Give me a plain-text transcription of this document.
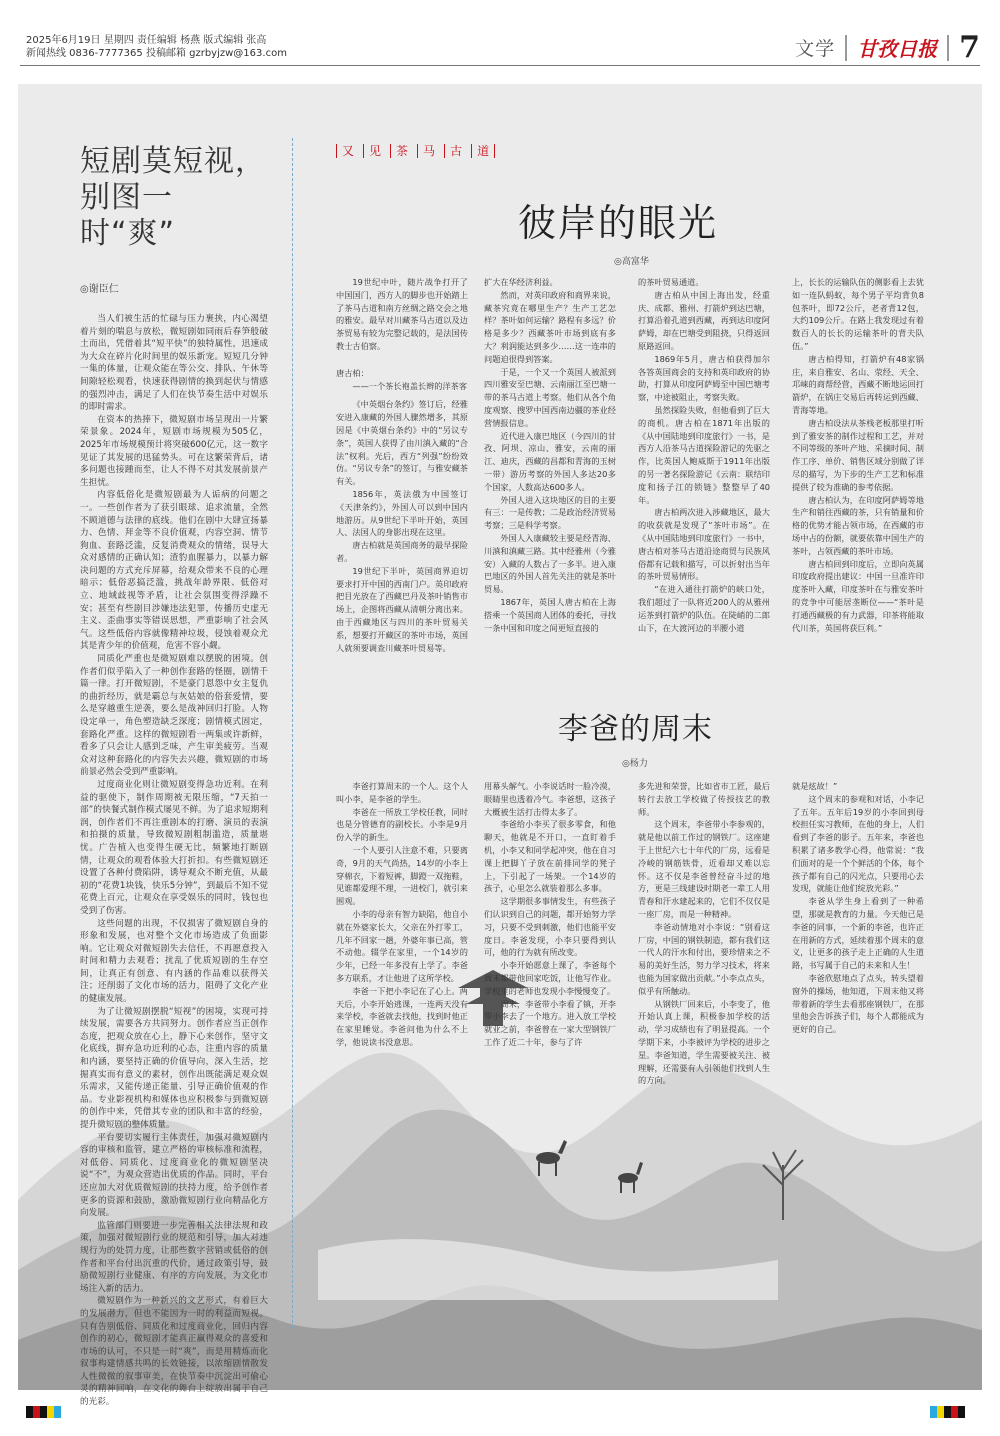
2025年6月19日 星期四 责任编辑 杨燕 版式编辑 张高
新闻热线 0836-7777365 投稿邮箱 gzrbyjzw@163.com	文学 甘孜日报 7
短剧莫短视，
别图一时“爽”
◎谢臣仁

当人们被生活的忙碌与压力裹挟，内心渴望着片刻的喘息与放松，微短剧如同雨后春笋般破土而出，凭借着其“短平快”的独特属性，迅速成为大众在碎片化时间里的娱乐新宠。短短几分钟一集的体量，让观众能在等公交、排队、午休等间隙轻松观看，快速获得剧情的换到起伏与情感的强烈冲击，满足了人们在快节奏生活中对娱乐的即时需求。

在资本的热捧下，微短剧市场呈现出一片繁荣景象。2024年，短剧市场规模为505亿，2025年市场规模预计将突破600亿元，这一数字见证了其发展的迅猛势头。可在这繁荣背后，诸多问题也接踵而至，让人不得不对其发展前景产生担忧。

内容低俗化是微短剧最为人诟病的问题之一。一些创作者为了获引眼球、追求流量，全然不顾道德与法律的底线。他们在剧中大肆宣扬暴力、色情、拜金等不良价值观，内容空洞、情节狗血、套路泛滥，反复消费观众的情绪，误导大众对感情的正确认知；渣豹血腥暴力，以暴力解决问题的方式充斥屏幕，给观众带来不良的心理暗示；低俗恶搞泛滥，挑战年龄界限、低俗对立、地域歧视等矛盾，让社会氛围变得浮躁不安；甚至有些剧目涉嫌违法犯罪，传播历史虚无主义、歪曲事实等错误思想，严重影响了社会风气。这些低俗内容就像精神垃圾，侵蚀着观众尤其是青少年的价值观，危害不容小觑。

同质化严重也是微短剧难以摆脱的困境。创作者们似乎陷入了一种创作套路的怪圈，剧情千篇一律。打开微短剧，不是豪门恩怨中女主复仇的曲折经历，就是霸总与灰姑娘的俗套爱情，要么是穿越重生逆袭，要么是战神回归打脸。人物设定单一，角色塑造缺乏深度；剧情模式固定，套路化严重。这样的微短剧看一两集或许新鲜，看多了只会让人感到乏味，产生审美疲劳。当观众对这种套路化的内容失去兴趣，微短剧的市场前景必然会受到严重影响。

过度商业化则让微短剧变得急功近利。在利益的驱使下，制作周期被无限压缩，“7天拍一部”的快餐式制作模式屡见不鲜。为了追求短期利润，创作者们不再注重剧本的打磨、演员的表演和拍摄的质量，导致微短剧粗制滥造，质量堪忧。广告植入也变得生硬无比，频繁地打断剧情，让观众的观看体验大打折扣。有些微短剧还设置了各种付费陷阱，诱导观众不断充值，从最初的“花费1块钱，快乐5分钟”，到最后不知不觉花费上百元，让观众在享受娱乐的同时，钱包也受到了伤害。

这些问题的出现，不仅损害了微短剧自身的形象和发展，也对整个文化市场造成了负面影响。它让观众对微短剧失去信任，不再愿意投入时间和精力去观看；扰乱了优质短剧的生存空间，让真正有创意、有内涵的作品难以获得关注；还削弱了文化市场的活力，阻碍了文化产业的健康发展。

为了让微短剧摆脱“短视”的困境，实现可持续发展，需要各方共同努力。创作者应当正创作态度，把观众放在心上，静下心来创作，坚守文化底线，摒弃急功近利的心态，注重内容的质量和内涵，要坚持正确的价值导向，深入生活，挖掘真实而有意义的素材，创作出既能满足观众娱乐需求，又能传递正能量、引导正确价值观的作品。专业影视机构和媒体也应积极参与到微短剧的创作中来，凭借其专业的团队和丰富的经验，提升微短剧的整体质量。

平台要切实履行主体责任，加强对微短剧内容的审核和监管，建立严格的审核标准和流程，对低俗、同质化、过度商业化的微短剧坚决说“不”，为观众营造出优质的作品。同时，平台还应加大对优质微短剧的扶持力度，给予创作者更多的资源和鼓励，激励微短剧行业向精品化方向发展。

监管部门则要进一步完善相关法律法规和政策，加强对微短剧行业的规范和引导，加大对违规行为的处罚力度，让那些数字营销或低俗的创作者和平台付出沉重的代价，通过政策引导，鼓励微短剧行业健康、有序的方向发展，为文化市场注入新的活力。

微短剧作为一种新兴的文艺形式，有着巨大的发展潜力，但也不能因为一时的利益而短视。只有告别低俗、同质化和过度商业化，回归内容创作的初心，微短剧才能真正赢得观众的喜爱和市场的认可，不只是一时“爽”，而是用精炼而化叙事构建情感共鸣的长效链接，以浓缩剧情散发人性微微的叙事审美，在快节奏中沉淀出可偷心灵的精神回响，在文化的舞台上绽放出属于自己的光彩。

又	见	茶	马	古	道
彼岸的眼光
◎高富华

19世纪中叶，随片战争打开了中国国门，西方人的脚步也开始踏上了茶马古道和南方丝绸之路交会之地的雅安。最早对川藏茶马古道以及边茶贸易有较为完整记载的，是法国传教士古伯察。

唐古柏：

——一个茶长袍盖长辫的洋茶客

《中英烟台条约》签订后，经雅安进入康藏的外国人骤然增多，其原因是《中英烟台条约》中的“另议专条”，英国人获得了由川滇入藏的“合法”权利。光后，西方“列强”纷纷效仿。“另议专条”的签订，与雅安藏茶有关。

1856年，英法俄为中国签订《天津条约》，外国人可以到中国内地游历。从9世纪下半叶开始，英国人、法国人的身影出现在这里。

唐古柏就是英国商务的最早探险者。

19世纪下半叶，英国商界迫切要求打开中国的西南门户。英印政府把目光放在了西藏巴丹及茶叶销售市场上，企图将西藏从清朝分离出来。由于西藏地区与四川的茶叶贸易关系，想要打开藏区的茶叶市场，英国人就须要调查川藏茶叶贸易等。

扩大在华经济利益。

然而，对英印政府和商界来说，藏茶究竟在哪里生产？生产工艺怎样？茶叶如何运输？路程有多远？价格是多少？西藏茶叶市场到底有多大？利润能达到多少……这一连串的问题迫很得到答案。

于是，一个又一个英国人被派到四川雅安至巴塘、云南丽江至巴塘一带的茶马古道上考察。他们从各个角度观察、搜罗中国西南边疆的茶业经营情报信息。

近代进入康巴地区（今四川的甘孜、阿坝、凉山、雅安，云南的丽江、迪庆，西藏的昌都和青海的玉树一带）游历考察的外国人多达20多个国家，人数高达600多人。

外国人进入这块地区的目的主要有三：一是传教；二是政治经济贸易考察；三是科学考察。

外国人入康藏较主要是经青海、川滇和滇藏三路。其中经雅州（今雅安）入藏的人数占了一多半。进入康巴地区的外国人首先关注的就是茶叶贸易。

1867年，英国人唐古柏在上海搭乘一个英国商人团体的委托，寻找一条中国和印度之间更短直接的

的茶叶贸易通道。

唐古柏从中国上海出发，经重庆、成都、雅州、打箭炉到达巴塘，打算沿着孔道到西藏，再到达印度阿萨姆，却在巴塘受到阻挠，只得返回原路返回。

1869年5月，唐古柏获得加尔各答英国商会的支持和英印政府的协助，打算从印度阿萨姆至中国巴塘考察，中途被阻止，考察失败。

虽然探险失败，但他看到了巨大的商机。唐古柏在1871年出版的《从中国陆地到印度旅行》一书，是西方人沿茶马古道探险游记的先驱之作，比英国人鲍威斯于1911年出版的另一著名探险游记《云南：联结印度和扬子江的锁链》整整早了40年。

唐古柏两次进入涉藏地区，最大的收获就是发现了“茶叶市场”。在《从中国陆地到印度旅行》一书中，唐古柏对茶马古道沿途商贸与民族风俗都有记载和描写，可以折射出当年的茶叶贸易情形。

“在进入通往打箭炉的峡口处，我们超过了一队将近200人的从雅州运茶到打箭炉的队伍。在陡峭的二郎山下，在大渡河边的半腰小道

上，长长的运输队伍的侧影看上去犹如一连队蚂蚁，每个男子平均背负8包茶叶，即72公斤，老者背12包，大约109公斤。在路上我发现过有着数百人的长长的运输茶叶的背夫队伍。”

唐古柏得知，打箭炉有48家锅庄，来自雅安、名山、荥经、天全、邛崃的商帮经营，西藏不断地运回打箭炉，在锅庄交易后再转运到西藏、青海等地。

唐古柏设法从茶栈老板那里打听到了雅安茶的制作过程和工艺，并对不同等级的茶叶产地、采摘时间、制作工序、单价、销售区域分别做了详尽的描写，为下步的生产工艺和标准提供了较为准确的参考依据。

唐古柏认为，在印度阿萨姆等地生产和销往西藏的茶，只有销量和价格的优势才能占领市场，在西藏的市场中占的份额，就要依靠中国生产的茶叶，占领西藏的茶叶市场。

唐古柏回到印度后，立即向英属印度政府提出建议：中国一旦准许印度茶叶入藏，印度茶叶在与雅安茶叶的竞争中可能居垄断位——“茶叶是打通西藏极的有力武器，印茶将能取代川茶，英国将获巨利。”

李爸的周末
◎杨力

李爸打算周末的一个人。这个人叫小李，是李爸的学生。

李爸在一所放工学校任教，同时也是分管德育的副校长。小李是9月份入学的新生。

一个人要引人注意不难，只要离奇，9月的天气尚热，14岁的小李上穿棉衣，下着短裤，脚蹬一双拖鞋，见谁都爱理不理，一进校门，就引来围观。

小李的母亲有智力缺陷，他自小就在外婆家长大，父亲在外打零工，几年不回家一趟，外婆年事已高，管不动他。辍学在家里，一个14岁的少年，已经一年多没有上学了。李爸多方联系，才让他进了这所学校。

李爸一下把小李记在了心上。两天后，小李开始逃课，一连两天没有来学校，李爸就去找他，找到时他正在家里睡觉。李爸问他为什么不上学，他说读书没意思。

用幕头解气。小李说话时一脸冷漠，眼睛里也透着冷气。李爸想，这孩子大概被生活打击得太多了。

李爸给小李买了很多零食，和他聊天，他就是不开口，一直盯着手机，小李又和同学起冲突，他在自习课上把脚丫子放在前排同学的凳子上，下引起了一场架。一个14岁的孩子，心里怎么就装着那么多事。

这学期很多事情发生，有些孩子们认识到自己的问题，都开始努力学习，只要不受到刺激，他们也能平安度日。李爸发现，小李只要得到认可，他的行为就有所改变。

小李开始愿意上课了，李爸每个周末都带他回家吃饭，让他写作业。学校里的老师也发现小李慢慢变了。

周末，李爸带小李看了镇，开李带小李去了一个地方。进入放工学校就业之前，李爸曾在一家大型钢铁厂工作了近二十年，参与了许

多先进和荣誉，比如省市工匠，最后转行去放工学校做了传授技艺的教师。

这个周末，李爸带小李参观的，就是他以前工作过的钢铁厂。这座建于上世纪六七十年代的厂房，远看是冷峻的钢筋铁骨，近看却又难以忘怀。这不仅是李爸曾经奋斗过的地方，更是三线建设时期老一辈工人用青春和汗水建起来的，它们不仅仅是一座厂房，而是一种精神。

李爸动情地对小李说：“别看这厂房，中国的钢铁制造，都有我们这一代人的汗水和付出，要珍惜来之不易的美好生活，努力学习技术，将来也能为国家做出贡献。”小李点点头，似乎有所触动。

从钢铁厂回来后，小李变了，他开始认真上课，积极参加学校的活动，学习成绩也有了明显提高。一个学期下来，小李被评为学校的进步之星。李爸知道，学生需要被关注、被理解，还需要有人引领他们找到人生的方向。

就是炫故！”

这个周末的参观和对话，小李记了五年。五年后19岁的小李回到母校担任实习教师，在他的身上，人们看到了李爸的影子。五年来，李爸也积累了诸多教学心得，他常说：“我们面对的是一个个鲜活的个体，每个孩子都有自己的闪光点，只要用心去发现，就能让他们绽放光彩。”

李爸从学生身上看到了一种希望，那就是教育的力量。今天他已是李爸的同事，一个新的李爸，也许正在用新的方式，延续着那个周末的意义，让更多的孩子走上正确的人生道路，书写属于自己的未来和人生！

李爸欣慰地点了点头，转头望着窗外的操场，他知道，下周末他又将带着新的学生去看那座钢铁厂，在那里他会告诉孩子们，每个人都能成为更好的自己。
